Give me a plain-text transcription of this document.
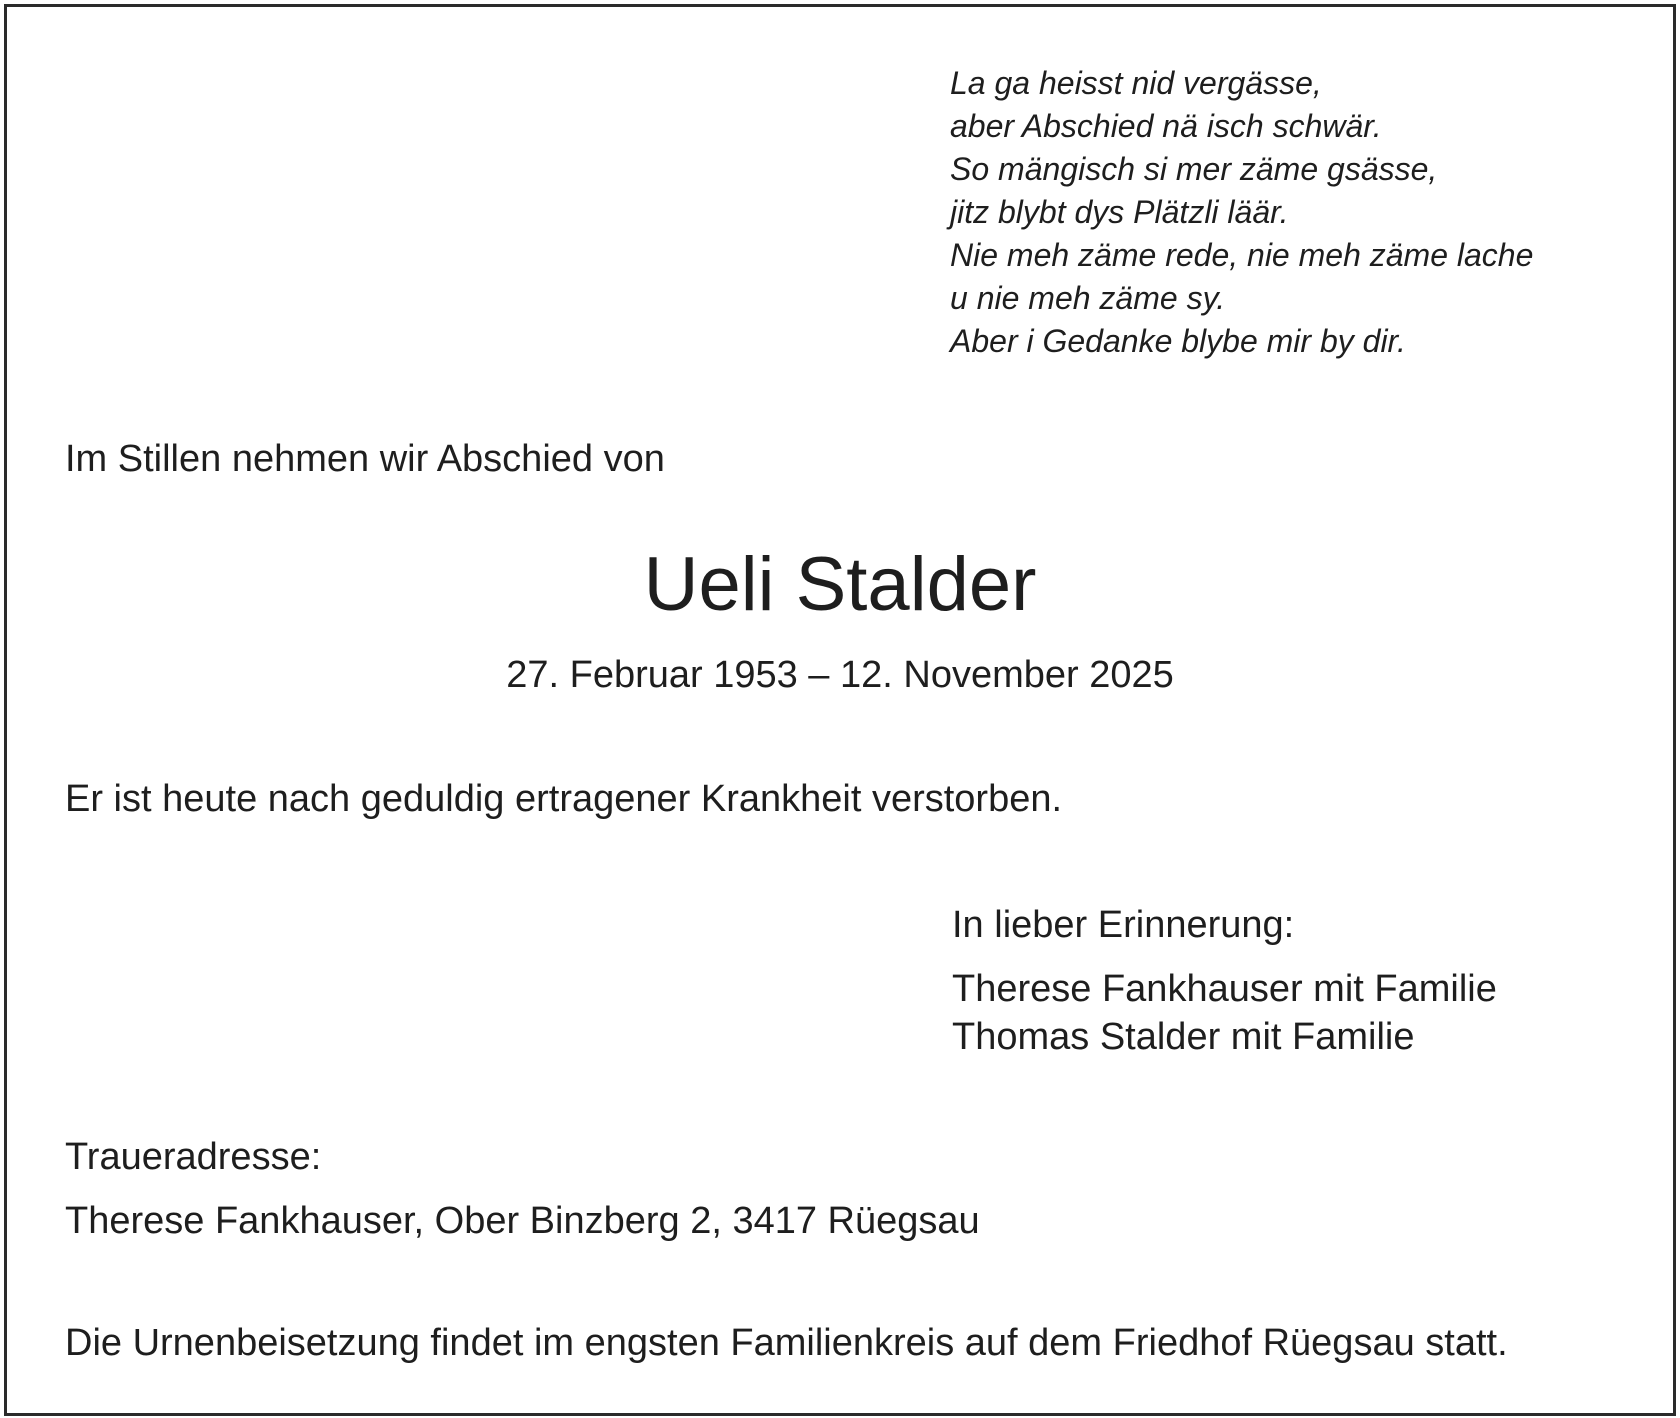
La ga heisst nid vergässe,
aber Abschied nä isch schwär.
So mängisch si mer zäme gsässe,
jitz blybt dys Plätzli läär.
Nie meh zäme rede, nie meh zäme lache
u nie meh zäme sy.
Aber i Gedanke blybe mir by dir.
Im Stillen nehmen wir Abschied von
Ueli Stalder
27. Februar 1953 – 12. November 2025
Er ist heute nach geduldig ertragener Krankheit verstorben.
In lieber Erinnerung:
Therese Fankhauser mit Familie
Thomas Stalder mit Familie
Traueradresse:
Therese Fankhauser, Ober Binzberg 2, 3417 Rüegsau
Die Urnenbeisetzung findet im engsten Familienkreis auf dem Friedhof Rüegsau statt.
